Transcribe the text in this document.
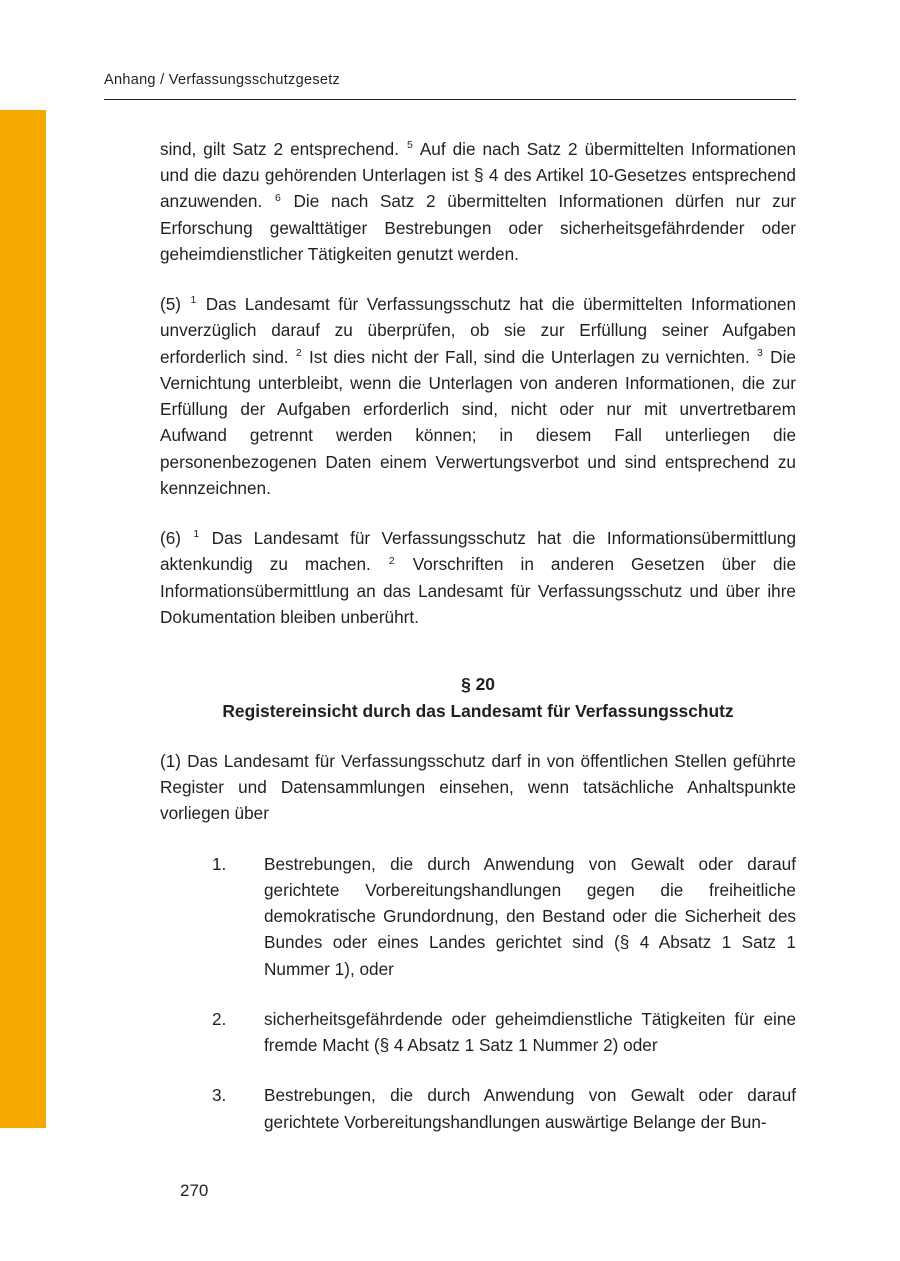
Anhang / Verfassungsschutzgesetz

sind, gilt Satz 2 entsprechend. $^5$ Auf die nach Satz 2 übermittelten Informationen und die dazu gehörenden Unterlagen ist § 4 des Artikel 10-Gesetzes entsprechend anzuwenden. $^6$ Die nach Satz 2 übermittelten Informationen dürfen nur zur Erforschung gewalttätiger Bestrebungen oder sicherheitsgefährdender oder geheimdienstlicher Tätigkeiten genutzt werden.

(5) $^1$ Das Landesamt für Verfassungsschutz hat die übermittelten Informationen unverzüglich darauf zu überprüfen, ob sie zur Erfüllung seiner Aufgaben erforderlich sind. $^2$ Ist dies nicht der Fall, sind die Unterlagen zu vernichten. $^3$ Die Vernichtung unterbleibt, wenn die Unterlagen von anderen Informationen, die zur Erfüllung der Aufgaben erforderlich sind, nicht oder nur mit unvertretbarem Aufwand getrennt werden können; in diesem Fall unterliegen die personenbezogenen Daten einem Verwertungsverbot und sind entsprechend zu kennzeichnen.

(6) $^1$ Das Landesamt für Verfassungsschutz hat die Informationsübermittlung aktenkundig zu machen. $^2$ Vorschriften in anderen Gesetzen über die Informationsübermittlung an das Landesamt für Verfassungsschutz und über ihre Dokumentation bleiben unberührt.

§ 20
Registereinsicht durch das Landesamt für Verfassungsschutz

(1) Das Landesamt für Verfassungsschutz darf in von öffentlichen Stellen geführte Register und Datensammlungen einsehen, wenn tatsächliche Anhaltspunkte vorliegen über

1.	Bestrebungen, die durch Anwendung von Gewalt oder darauf gerichtete Vorbereitungshandlungen gegen die freiheitliche demokratische Grundordnung, den Bestand oder die Sicherheit des Bundes oder eines Landes gerichtet sind (§ 4 Absatz 1 Satz 1 Nummer 1), oder
2.	sicherheitsgefährdende oder geheimdienstliche Tätigkeiten für eine fremde Macht (§ 4 Absatz 1 Satz 1 Nummer 2) oder
3.	Bestrebungen, die durch Anwendung von Gewalt oder darauf gerichtete Vorbereitungshandlungen auswärtige Belange der Bun-
270
